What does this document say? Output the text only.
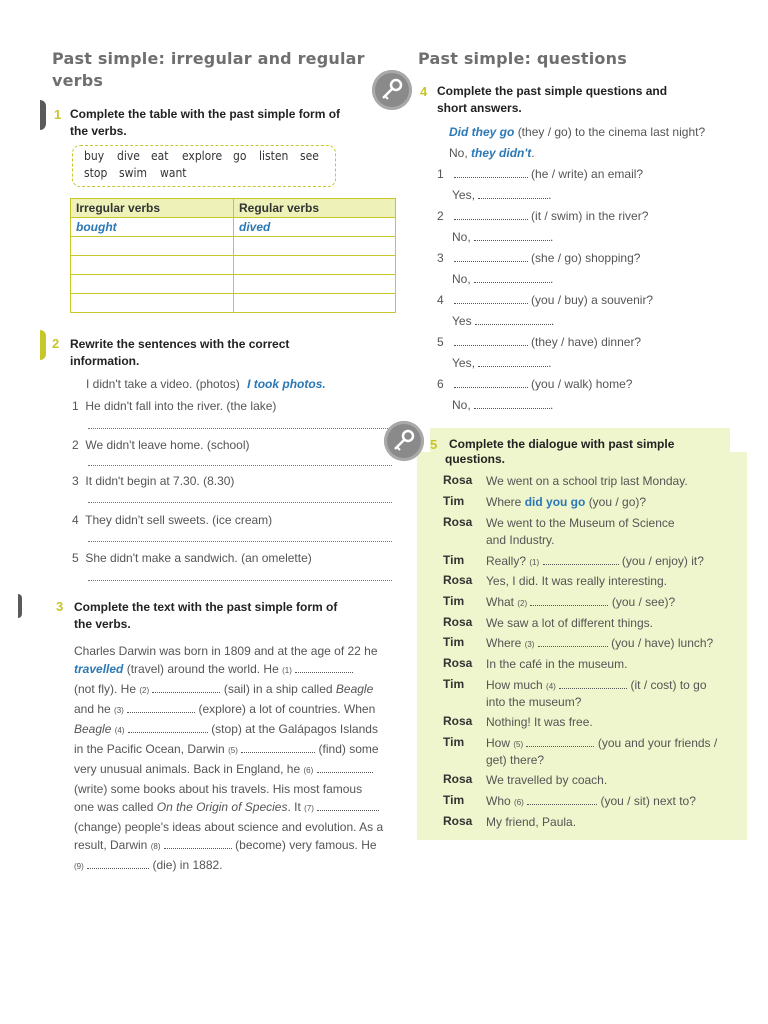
Past simple: irregular and regular
verbs
1 Complete the table with the past simple form of
the verbs.
buy dive eat explore go listen see
stop swim want
Irregular verbs	Regular verbs
bought	dived

2 Rewrite the sentences with the correct
information.
I didn't take a video. (photos) I took photos.
1 He didn't fall into the river. (the lake)
2 We didn't leave home. (school)
3 It didn't begin at 7.30. (8.30)
4 They didn't sell sweets. (ice cream)
5 She didn't make a sandwich. (an omelette)
3 Complete the text with the past simple form of
the verbs.
Charles Darwin was born in 1809 and at the age of 22 he
travelled (travel) around the world. He (1)
(not fly). He (2)	(sail) in a ship called Beagle
and he (3)	(explore) a lot of countries. When
Beagle (4)	(stop) at the Galápagos Islands
in the Pacific Ocean, Darwin (5)	(find) some
very unusual animals. Back in England, he (6)
(write) some books about his travels. His most famous
one was called On the Origin of Species. It (7)
(change) people's ideas about science and evolution. As a
result, Darwin (8)	(become) very famous. He
(9)	(die) in 1882.
Past simple: questions
4 Complete the past simple questions and
short answers.
Did they go (they / go) to the cinema last night?
No, they didn't.
1	(he / write) an email?
Yes,	.
2	(it / swim) in the river?
No,	.
3	(she / go) shopping?
No,	.
4	(you / buy) a souvenir?
Yes	.
5	(they / have) dinner?
Yes,	.
6	(you / walk) home?
No,	.
5 Complete the dialogue with past simple
questions.
Rosa We went on a school trip last Monday.
Tim Where did you go (you / go)?
Rosa We went to the Museum of Science
and Industry.
Tim Really? (1)	(you / enjoy) it?
Rosa Yes, I did. It was really interesting.
Tim What (2)	(you / see)?
Rosa We saw a lot of different things.
Tim Where (3)	(you / have) lunch?
Rosa In the café in the museum.
Tim How much (4)	(it / cost) to go
into the museum?
Rosa Nothing! It was free.
Tim How (5)	(you and your friends /
get) there?
Rosa We travelled by coach.
Tim Who (6)	(you / sit) next to?
Rosa My friend, Paula.
